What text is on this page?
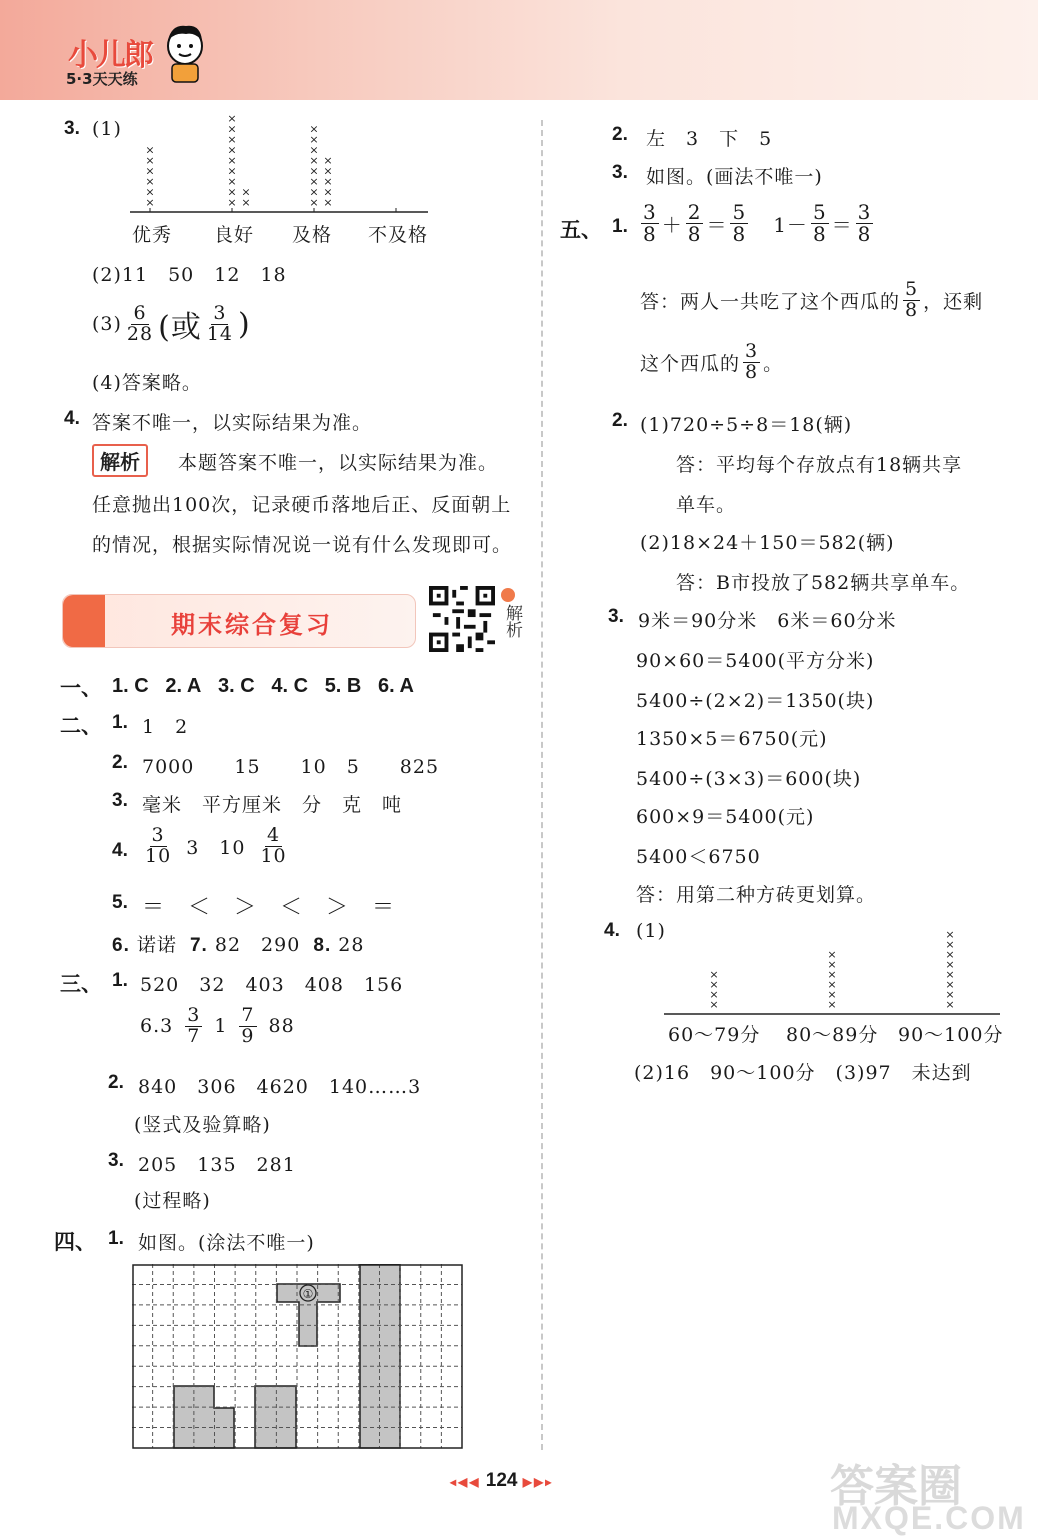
小儿郎
5·3天天练
3. (1)
×
×
×
×
×
×
×
×
×
×
×
×
×
×
×
×
×
×
×
×
×
×
×
×
×
×
×
×
×
×
优秀 良好 及格 不及格
(2)11　50　12　18
$(3) \frac{6}{28}$ (或 $\frac{3}{14}$ )
(4)答案略。
4. 答案不唯一，以实际结果为准。
解析	本题答案不唯一，以实际结果为准。
任意抛出100次，记录硬币落地后正、反面朝上
的情况，根据实际情况说一说有什么发现即可。
期末综合复习	解析
一、 1. C 2. A 3. C 4. C 5. B 6. A
二、 1. 1　2
2. 7000　　15　　10　5　　825
3. 毫米　平方厘米　分　克　吨
4. $\frac{3}{10} 3$　$10 \frac{4}{10}$
5. ＝　＜　＞　＜　＞　＝
6. 诺诺 7. 82　290 8. 28
三、 1. 520　32　403　408　156
$6.3 \frac{3}{7} 1 \frac{7}{9} 88$
2. 840　306　4620　140……3
(竖式及验算略)
3. 205　135　281
(过程略)
四、 1. 如图。(涂法不唯一)
①
2. 左　3　下　5
3. 如图。(画法不唯一)
五、 1. $\frac{3}{8} + \frac{2}{8} = \frac{5}{8} 1- \frac{5}{8} = \frac{3}{8}$
答：两人一共吃了这个西瓜的 $\frac{5}{8}$ ，还剩
这个西瓜的 $\frac{3}{8}$ 。
2. (1)720÷5÷8＝18(辆)
答：平均每个存放点有18辆共享
单车。
(2)18×24＋150＝582(辆)
答：B市投放了582辆共享单车。
3. 9米＝90分米　6米＝60分米
90×60＝5400(平方分米)
5400÷(2×2)＝1350(块)
1350×5＝6750(元)
5400÷(3×3)＝600(块)
600×9＝5400(元)
5400＜6750
答：用第二种方砖更划算。
4. (1)
×
×
×
×
×
×
×
×
×
×
×
×
×
×
×
×
×
×
60～79分 80～89分 90～100分
(2)16　90～100分　(3)97　未达到
◂◀◀ 124 ▶▶▸	答案圈
MXQE.COM
